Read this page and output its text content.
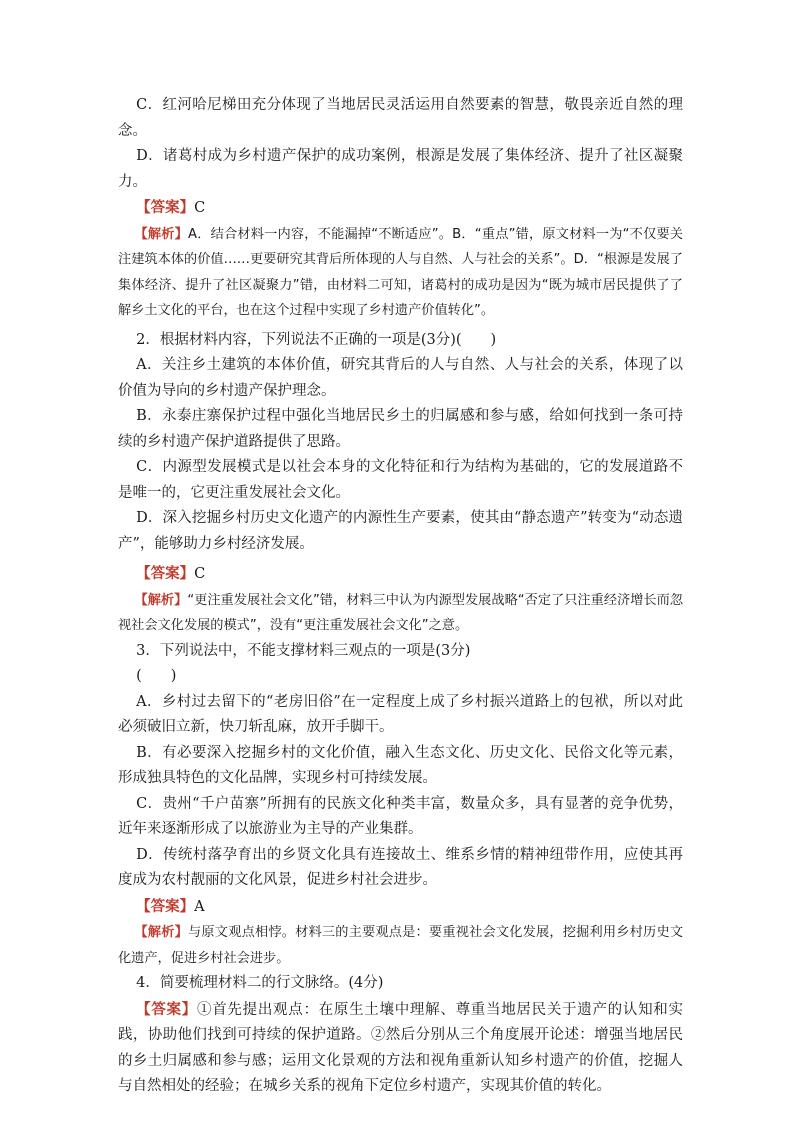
C．红河哈尼梯田充分体现了当地居民灵活运用自然要素的智慧，敬畏亲近自然的理念。

D．诸葛村成为乡村遗产保护的成功案例，根源是发展了集体经济、提升了社区凝聚力。

【答案】C

【解析】A．结合材料一内容，不能漏掉“不断适应”。B．“重点”错，原文材料一为“不仅要关注建筑本体的价值……更要研究其背后所体现的人与自然、人与社会的关系”。D．“根源是发展了集体经济、提升了社区凝聚力”错，由材料二可知，诸葛村的成功是因为“既为城市居民提供了了解乡土文化的平台，也在这个过程中实现了乡村遗产价值转化”。

2．根据材料内容，下列说法不正确的一项是(3分)(　　)

A．关注乡土建筑的本体价值，研究其背后的人与自然、人与社会的关系，体现了以价值为导向的乡村遗产保护理念。

B．永泰庄寨保护过程中强化当地居民乡土的归属感和参与感，给如何找到一条可持续的乡村遗产保护道路提供了思路。

C．内源型发展模式是以社会本身的文化特征和行为结构为基础的，它的发展道路不是唯一的，它更注重发展社会文化。

D．深入挖掘乡村历史文化遗产的内源性生产要素，使其由“静态遗产”转变为“动态遗产”，能够助力乡村经济发展。

【答案】C

【解析】“更注重发展社会文化”错，材料三中认为内源型发展战略“否定了只注重经济增长而忽视社会文化发展的模式”，没有“更注重发展社会文化”之意。

3．下列说法中，不能支撑材料三观点的一项是(3分)

(　　)

A．乡村过去留下的“老房旧俗”在一定程度上成了乡村振兴道路上的包袱，所以对此必须破旧立新，快刀斩乱麻，放开手脚干。

B．有必要深入挖掘乡村的文化价值，融入生态文化、历史文化、民俗文化等元素，形成独具特色的文化品牌，实现乡村可持续发展。

C．贵州“千户苗寨”所拥有的民族文化种类丰富，数量众多，具有显著的竞争优势，近年来逐渐形成了以旅游业为主导的产业集群。

D．传统村落孕育出的乡贤文化具有连接故土、维系乡情的精神纽带作用，应使其再度成为农村靓丽的文化风景，促进乡村社会进步。

【答案】A

【解析】与原文观点相悖。材料三的主要观点是：要重视社会文化发展，挖掘利用乡村历史文化遗产，促进乡村社会进步。

4．简要梳理材料二的行文脉络。(4分)

【答案】①首先提出观点：在原生土壤中理解、尊重当地居民关于遗产的认知和实践，协助他们找到可持续的保护道路。②然后分别从三个角度展开论述：增强当地居民的乡土归属感和参与感；运用文化景观的方法和视角重新认知乡村遗产的价值，挖掘人与自然相处的经验；在城乡关系的视角下定位乡村遗产，实现其价值的转化。
